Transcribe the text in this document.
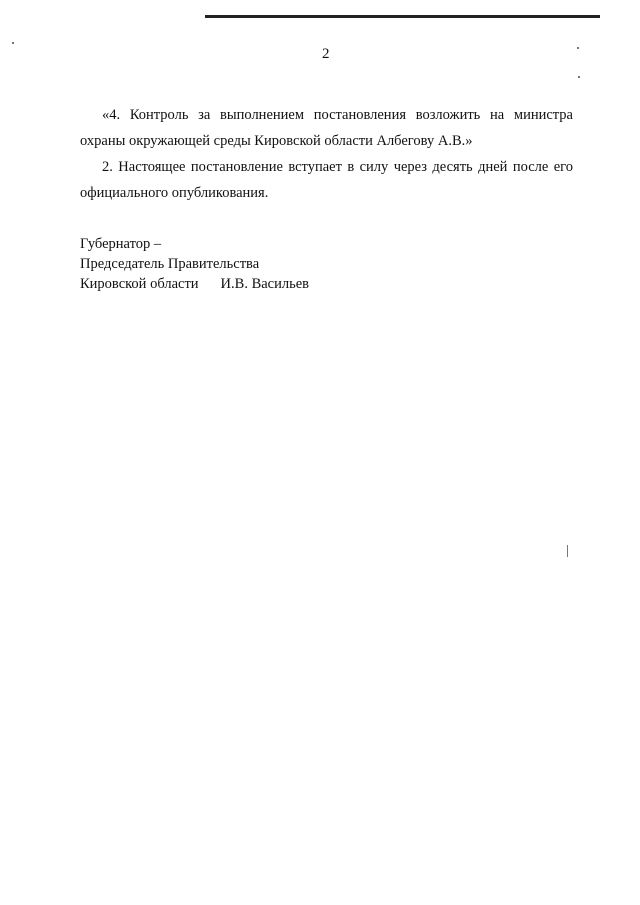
2
«4. Контроль за выполнением постановления возложить на министра охраны окружающей среды Кировской области Албегову А.В.»
2. Настоящее постановление вступает в силу через десять дней после его официального опубликования.
Губернатор –
Председатель Правительства
Кировской области И.В. Васильев
